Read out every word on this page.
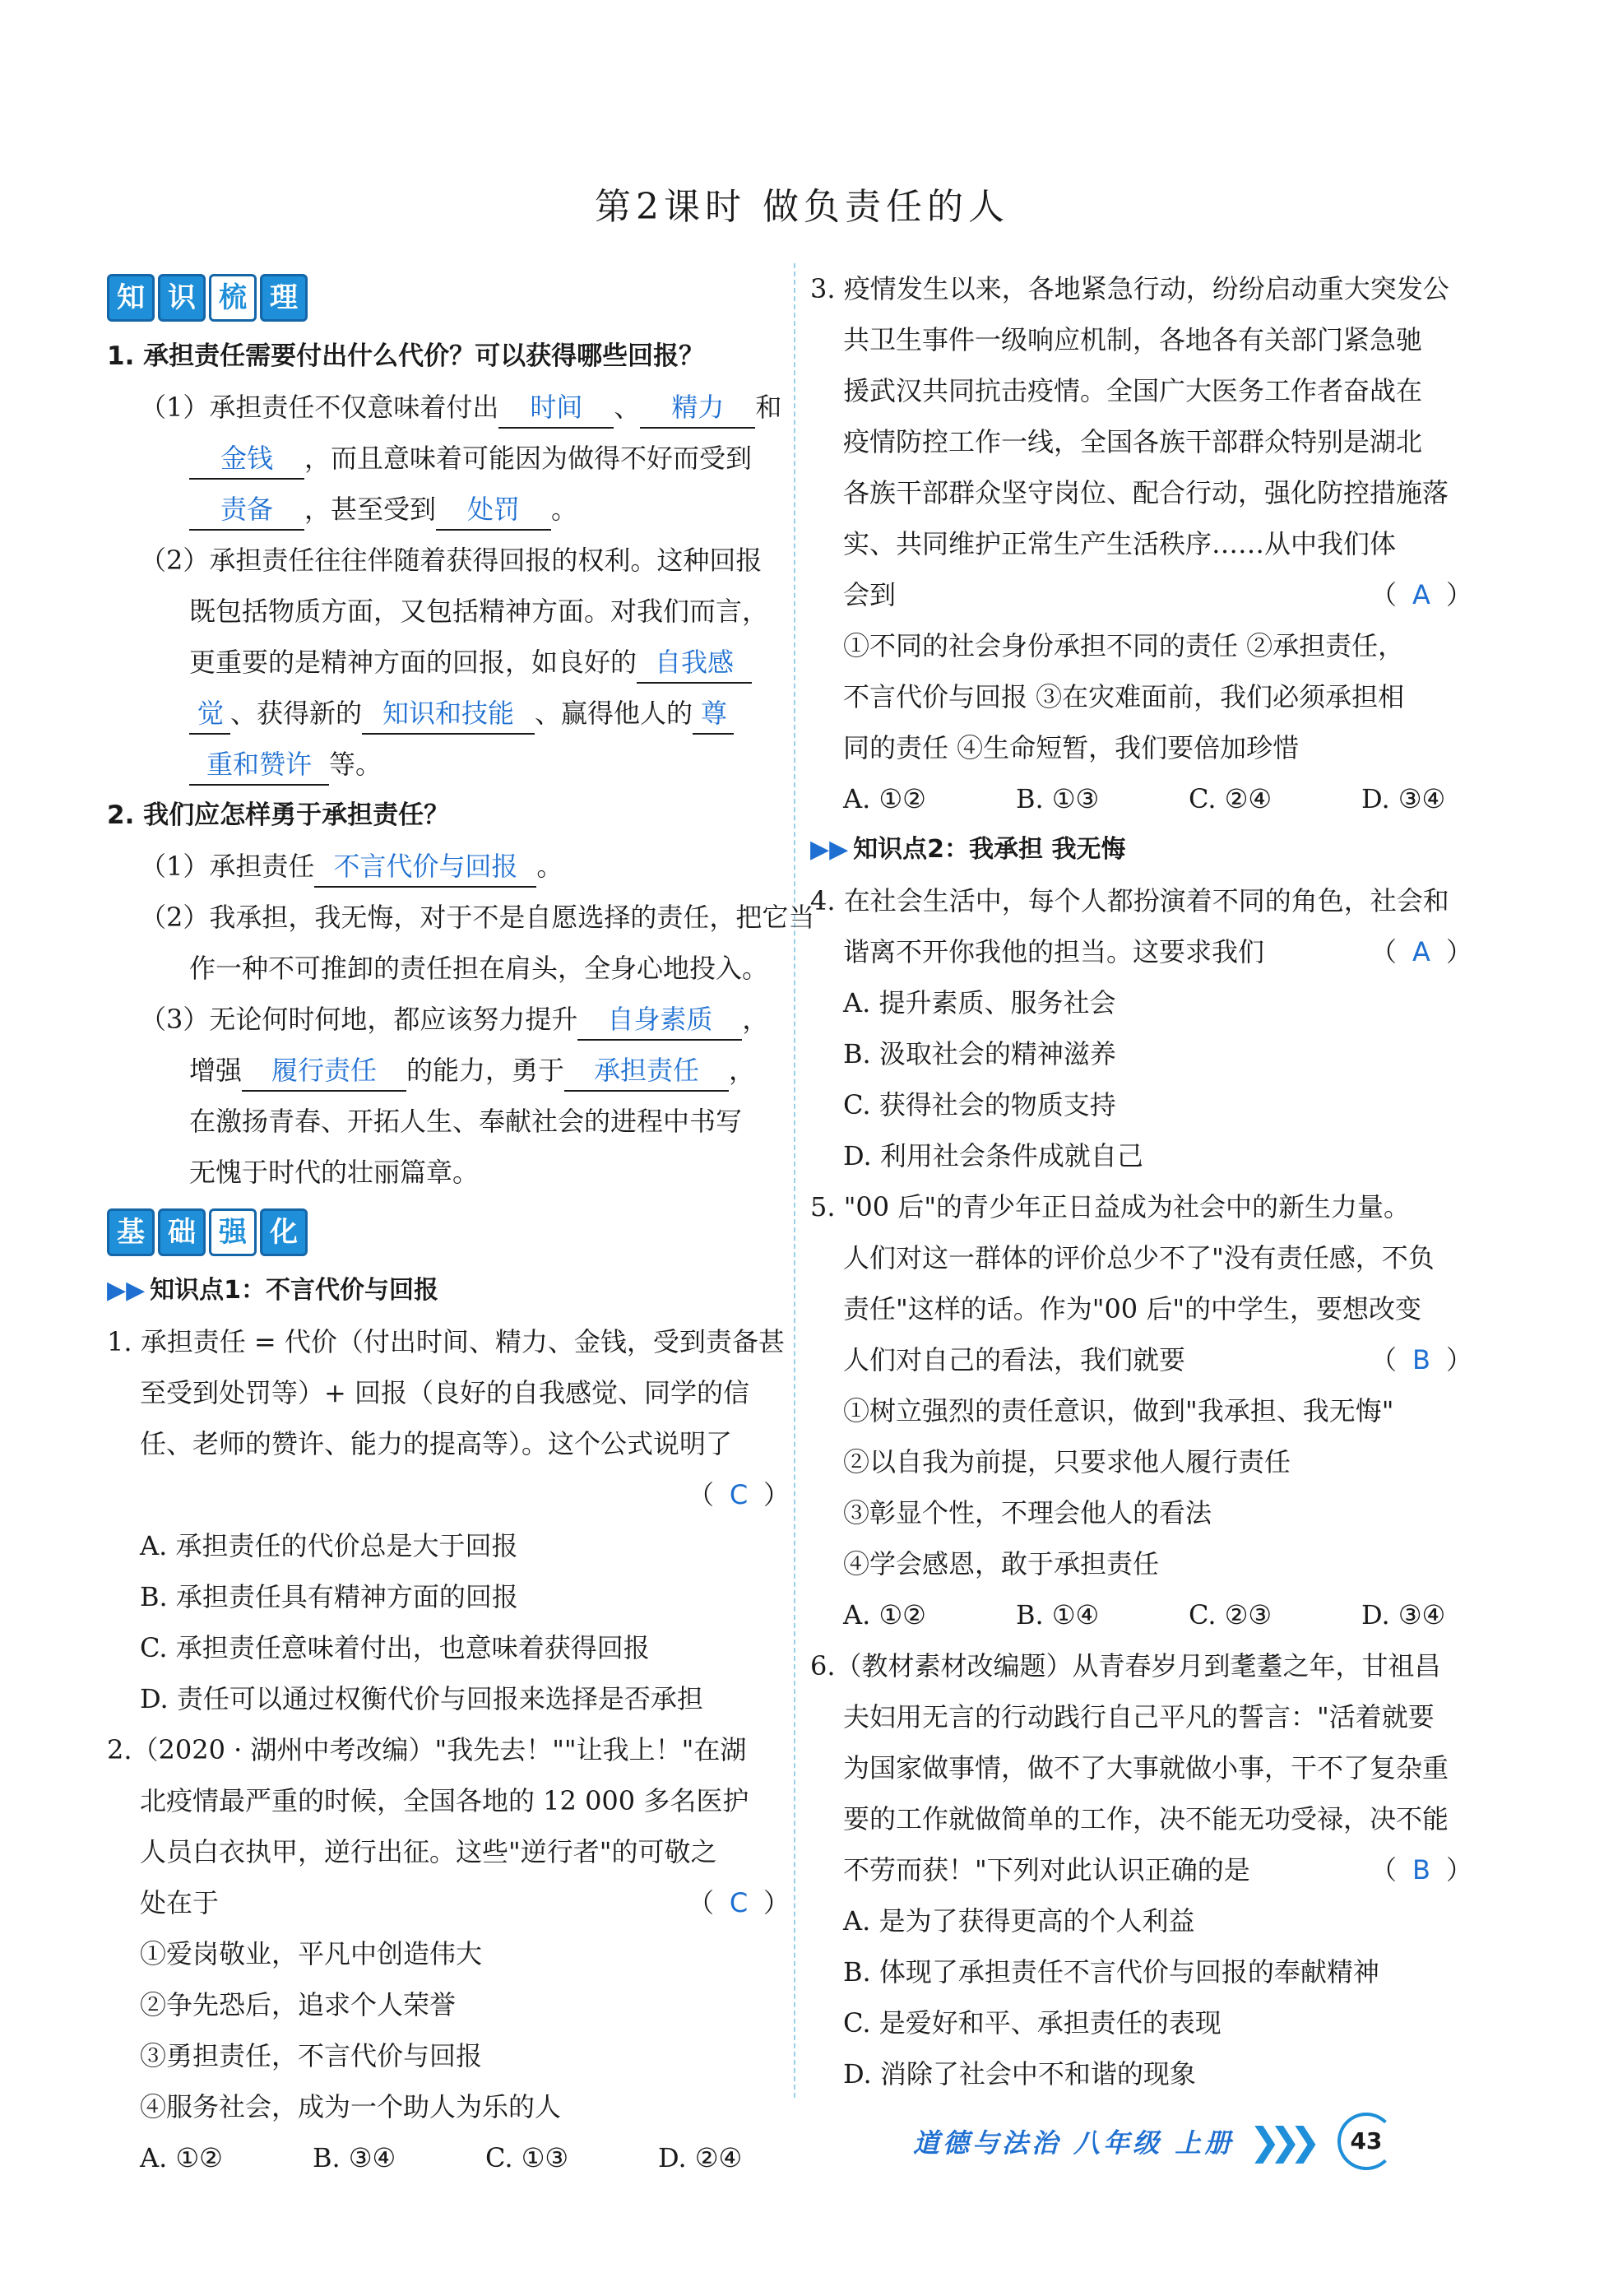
第2课时 做负责任的人
知 识 梳 理
1. 承担责任需要付出什么代价？可以获得哪些回报？
（1）承担责任不仅意味着付出 时间 、 精力 和
金钱 ，而且意味着可能因为做得不好而受到
责备 ，甚至受到 处罚 。
（2）承担责任往往伴随着获得回报的权利。这种回报
既包括物质方面，又包括精神方面。对我们而言，
更重要的是精神方面的回报，如良好的 自我感
觉 、获得新的 知识和技能 、赢得他人的 尊
重和赞许 等。
2. 我们应怎样勇于承担责任？
（1）承担责任 不言代价与回报 。
（2）我承担，我无悔，对于不是自愿选择的责任，把它当
作一种不可推卸的责任担在肩头，全身心地投入。
（3）无论何时何地，都应该努力提升 自身素质 ，
增强 履行责任 的能力，勇于 承担责任 ，
在激扬青春、开拓人生、奉献社会的进程中书写
无愧于时代的壮丽篇章。
基 础 强 化
▶▶ 知识点1：不言代价与回报
1. 承担责任 = 代价（付出时间、精力、金钱，受到责备甚
至受到处罚等）+ 回报（良好的自我感觉、同学的信
任、老师的赞许、能力的提高等）。这个公式说明了
（ C ）
A. 承担责任的代价总是大于回报
B. 承担责任具有精神方面的回报
C. 承担责任意味着付出，也意味着获得回报
D. 责任可以通过权衡代价与回报来选择是否承担
2.（2020 · 湖州中考改编）"我先去！""让我上！"在湖
北疫情最严重的时候，全国各地的 12 000 多名医护
人员白衣执甲，逆行出征。这些"逆行者"的可敬之
处在于	（ C ）
①爱岗敬业，平凡中创造伟大
②争先恐后，追求个人荣誉
③勇担责任，不言代价与回报
④服务社会，成为一个助人为乐的人
A. ①②	B. ③④	C. ①③	D. ②④
3. 疫情发生以来，各地紧急行动，纷纷启动重大突发公
共卫生事件一级响应机制，各地各有关部门紧急驰
援武汉共同抗击疫情。全国广大医务工作者奋战在
疫情防控工作一线，全国各族干部群众特别是湖北
各族干部群众坚守岗位、配合行动，强化防控措施落
实、共同维护正常生产生活秩序……从中我们体
会到	（ A ）
①不同的社会身份承担不同的责任 ②承担责任，
不言代价与回报 ③在灾难面前，我们必须承担相
同的责任 ④生命短暂，我们要倍加珍惜
A. ①②	B. ①③	C. ②④	D. ③④
▶▶ 知识点2：我承担 我无悔
4. 在社会生活中，每个人都扮演着不同的角色，社会和
谐离不开你我他的担当。这要求我们	（ A ）
A. 提升素质、服务社会
B. 汲取社会的精神滋养
C. 获得社会的物质支持
D. 利用社会条件成就自己
5. "00 后"的青少年正日益成为社会中的新生力量。
人们对这一群体的评价总少不了"没有责任感，不负
责任"这样的话。作为"00 后"的中学生，要想改变
人们对自己的看法，我们就要	（ B ）
①树立强烈的责任意识，做到"我承担、我无悔"
②以自我为前提，只要求他人履行责任
③彰显个性，不理会他人的看法
④学会感恩，敢于承担责任
A. ①②	B. ①④	C. ②③	D. ③④
6.（教材素材改编题）从青春岁月到耄耋之年，甘祖昌
夫妇用无言的行动践行自己平凡的誓言："活着就要
为国家做事情，做不了大事就做小事，干不了复杂重
要的工作就做简单的工作，决不能无功受禄，决不能
不劳而获！"下列对此认识正确的是	（ B ）
A. 是为了获得更高的个人利益
B. 体现了承担责任不言代价与回报的奉献精神
C. 是爱好和平、承担责任的表现
D. 消除了社会中不和谐的现象
道德与法治 八年级 上册 ❯❯❯	43
